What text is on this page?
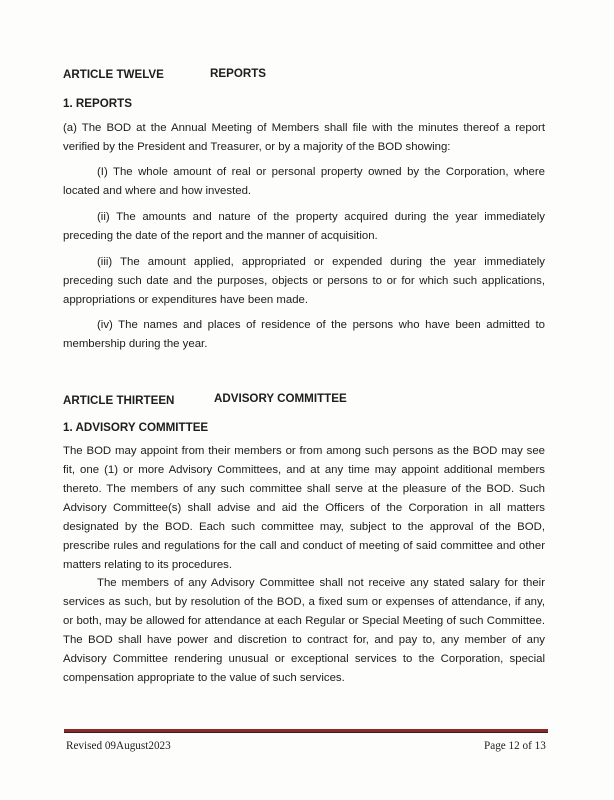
ARTICLE TWELVE	REPORTS
1. REPORTS
(a) The BOD at the Annual Meeting of Members shall file with the minutes thereof a report verified by the President and Treasurer, or by a majority of the BOD showing:
(I) The whole amount of real or personal property owned by the Corporation, where located and where and how invested.
(ii) The amounts and nature of the property acquired during the year immediately preceding the date of the report and the manner of acquisition.
(iii) The amount applied, appropriated or expended during the year immediately preceding such date and the purposes, objects or persons to or for which such applications, appropriations or expenditures have been made.
(iv) The names and places of residence of the persons who have been admitted to membership during the year.
ARTICLE THIRTEEN	ADVISORY COMMITTEE
1. ADVISORY COMMITTEE
The BOD may appoint from their members or from among such persons as the BOD may see fit, one (1) or more Advisory Committees, and at any time may appoint additional members thereto. The members of any such committee shall serve at the pleasure of the BOD. Such Advisory Committee(s) shall advise and aid the Officers of the Corporation in all matters designated by the BOD. Each such committee may, subject to the approval of the BOD, prescribe rules and regulations for the call and conduct of meeting of said committee and other matters relating to its procedures.
The members of any Advisory Committee shall not receive any stated salary for their services as such, but by resolution of the BOD, a fixed sum or expenses of attendance, if any, or both, may be allowed for attendance at each Regular or Special Meeting of such Committee. The BOD shall have power and discretion to contract for, and pay to, any member of any Advisory Committee rendering unusual or exceptional services to the Corporation, special compensation appropriate to the value of such services.
Revised 09August2023	Page 12 of 13
